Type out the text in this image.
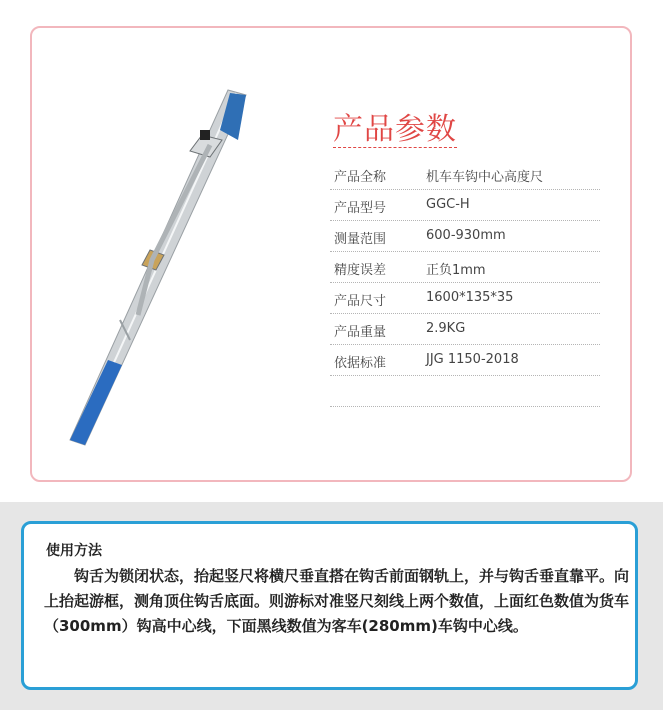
产品参数
产品全称	机车车钩中心高度尺
产品型号	GGC-H
测量范围	600-930mm
精度误差	正负1mm
产品尺寸	1600*135*35
产品重量	2.9KG
依据标准	JJG 1150-2018
使用方法
钩舌为锁闭状态，抬起竖尺将横尺垂直搭在钩舌前面钢轨上，并与钩舌垂直靠平。向上抬起游框，测角顶住钩舌底面。则游标对准竖尺刻线上两个数值，上面红色数值为货车（300mm）钩高中心线，下面黑线数值为客车(280mm)车钩中心线。
